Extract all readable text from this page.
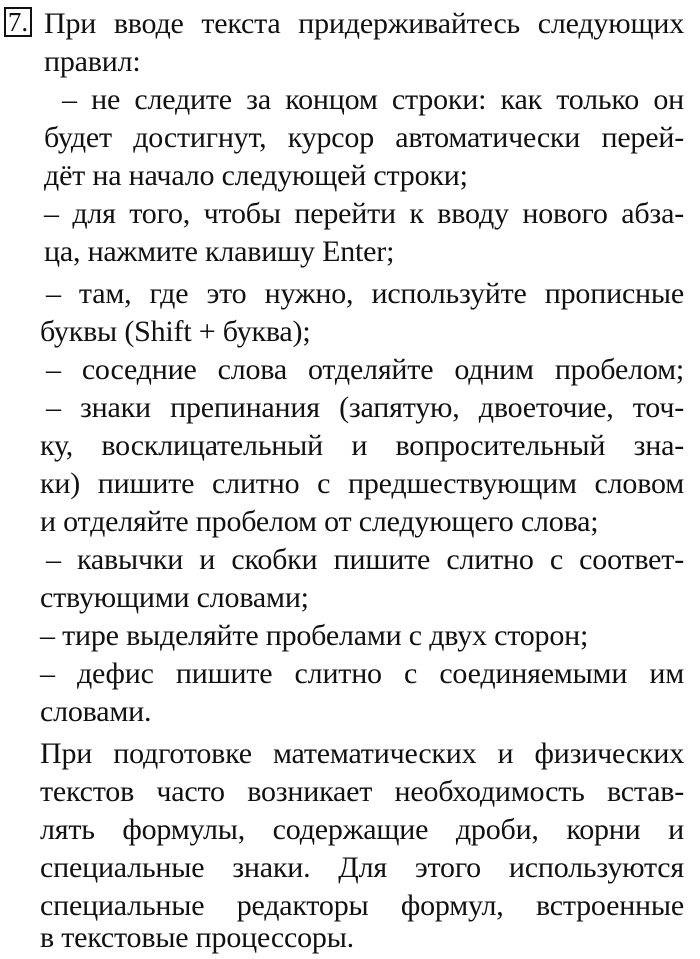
7. При вводе текста придерживайтесь следующих
правил:
– не следите за концом строки: как только он
будет достигнут, курсор автоматически перей-
дёт на начало следующей строки;
– для того, чтобы перейти к вводу нового абза-
ца, нажмите клавишу Enter;
– там, где это нужно, используйте прописные
буквы (Shift + буква);
– соседние слова отделяйте одним пробелом;
– знаки препинания (запятую, двоеточие, точ-
ку, восклицательный и вопросительный зна-
ки) пишите слитно с предшествующим словом
и отделяйте пробелом от следующего слова;
– кавычки и скобки пишите слитно с соответ-
ствующими словами;
– тире выделяйте пробелами с двух сторон;
– дефис пишите слитно с соединяемыми им
словами.
При подготовке математических и физических
текстов часто возникает необходимость встав-
лять формулы, содержащие дроби, корни и
специальные знаки. Для этого используются
специальные редакторы формул, встроенные
в текстовые процессоры.
